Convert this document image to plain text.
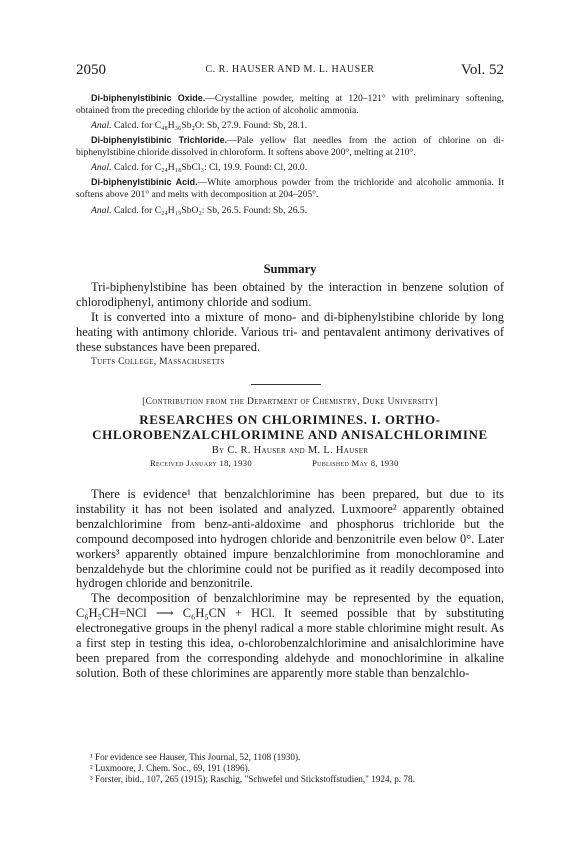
2050	C. R. HAUSER AND M. L. HAUSER	Vol. 52

Di-biphenylstibinic Oxide.—Crystalline powder, melting at 120–121° with preliminary softening, obtained from the preceding chloride by the action of alcoholic ammonia.

Anal. Calcd. for C₄₈H₃₆Sb₂O: Sb, 27.9. Found: Sb, 28.1.

Di-biphenylstibinic Trichloride.—Pale yellow flat needles from the action of chlorine on di-biphenylstibine chloride dissolved in chloroform. It softens above 200°, melting at 210°.

Anal. Calcd. for C₂₄H₁₈SbCl₃: Cl, 19.9. Found: Cl, 20.0.

Di-biphenylstibinic Acid.—White amorphous powder from the trichloride and alcoholic ammonia. It softens above 201° and melts with decomposition at 204–205°.

Anal. Calcd. for C₂₄H₁₉SbO₂: Sb, 26.5. Found: Sb, 26.5.

Summary

Tri-biphenylstibine has been obtained by the interaction in benzene solution of chlorodiphenyl, antimony chloride and sodium.

It is converted into a mixture of mono- and di-biphenylstibine chloride by long heating with antimony chloride. Various tri- and pentavalent antimony derivatives of these substances have been prepared.

Tufts College, Massachusetts

[Contribution from the Department of Chemistry, Duke University]

RESEARCHES ON CHLORIMINES. I. ORTHO-

CHLOROBENZALCHLORIMINE AND ANISALCHLORIMINE

By C. R. Hauser and M. L. Hauser

Received January 18, 1930	Published May 8, 1930

There is evidence¹ that benzalchlorimine has been prepared, but due to its instability it has not been isolated and analyzed. Luxmoore² apparently obtained benzalchlorimine from benz-anti-aldoxime and phosphorus trichloride but the compound decomposed into hydrogen chloride and benzonitrile even below 0°. Later workers³ apparently obtained impure benzalchlorimine from monochloramine and benzaldehyde but the chlorimine could not be purified as it readily decomposed into hydrogen chloride and benzonitrile.

The decomposition of benzalchlorimine may be represented by the equation, C₆H₅CH=NCl ⟶ C₆H₅CN + HCl. It seemed possible that by substituting electronegative groups in the phenyl radical a more stable chlorimine might result. As a first step in testing this idea, o-chlorobenzalchlorimine and anisalchlorimine have been prepared from the corresponding aldehyde and monochlorimine in alkaline solution. Both of these chlorimines are apparently more stable than benzalchlo-

¹ For evidence see Hauser, This Journal, 52, 1108 (1930).

² Luxmoore, J. Chem. Soc., 69, 191 (1896).

³ Forster, ibid., 107, 265 (1915); Raschig, "Schwefel und Stickstoffstudien," 1924, p. 78.
